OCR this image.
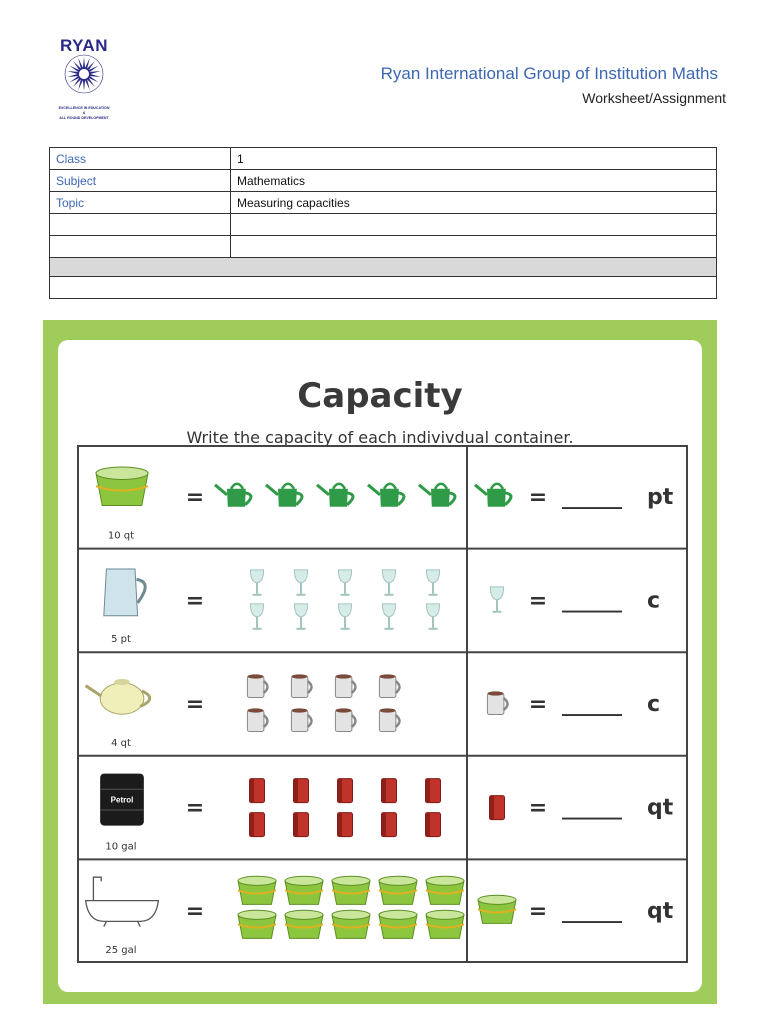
RYAN
EXCELLENCE IN EDUCATION
&
ALL ROUND DEVELOPMENT
Ryan International Group of Institution Maths
Worksheet/Assignment
Class	1
Subject	Mathematics
Topic	Measuring capacities

Capacity
Write the capacity of each indivivdual container.
10 qt
=	= ______ pt
5 pt
=	= ______ c
4 qt
=	= ______ c
Petrol
10 gal
=	= ______ qt
25 gal
=	= ______ qt
